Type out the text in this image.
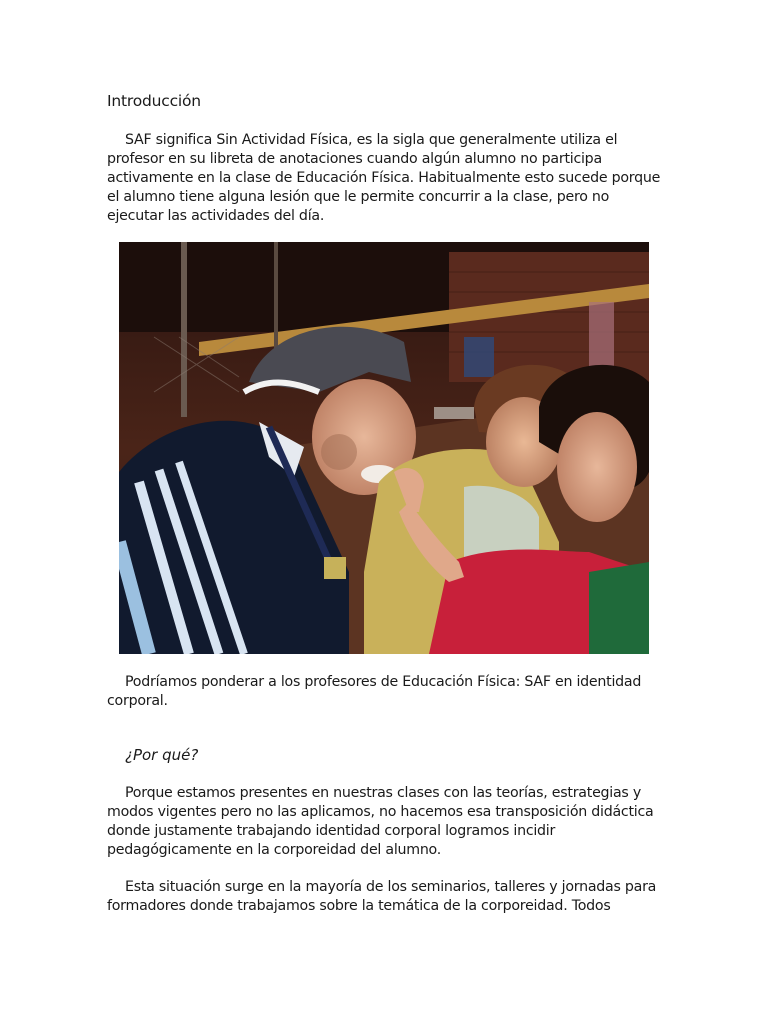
Introducción

SAF significa Sin Actividad Física, es la sigla que generalmente utiliza el profesor en su libreta de anotaciones cuando algún alumno no participa activamente en la clase de Educación Física. Habitualmente esto sucede porque el alumno tiene alguna lesión que le permite concurrir a la clase, pero no ejecutar las actividades del día.

Podríamos ponderar a los profesores de Educación Física: SAF en identidad corporal.

¿Por qué?

Porque estamos presentes en nuestras clases con las teorías, estrategias y modos vigentes pero no las aplicamos, no hacemos esa transposición didáctica donde justamente trabajando identidad corporal logramos incidir pedagógicamente en la corporeidad del alumno.

Esta situación surge en la mayoría de los seminarios, talleres y jornadas para formadores donde trabajamos sobre la temática de la corporeidad. Todos
